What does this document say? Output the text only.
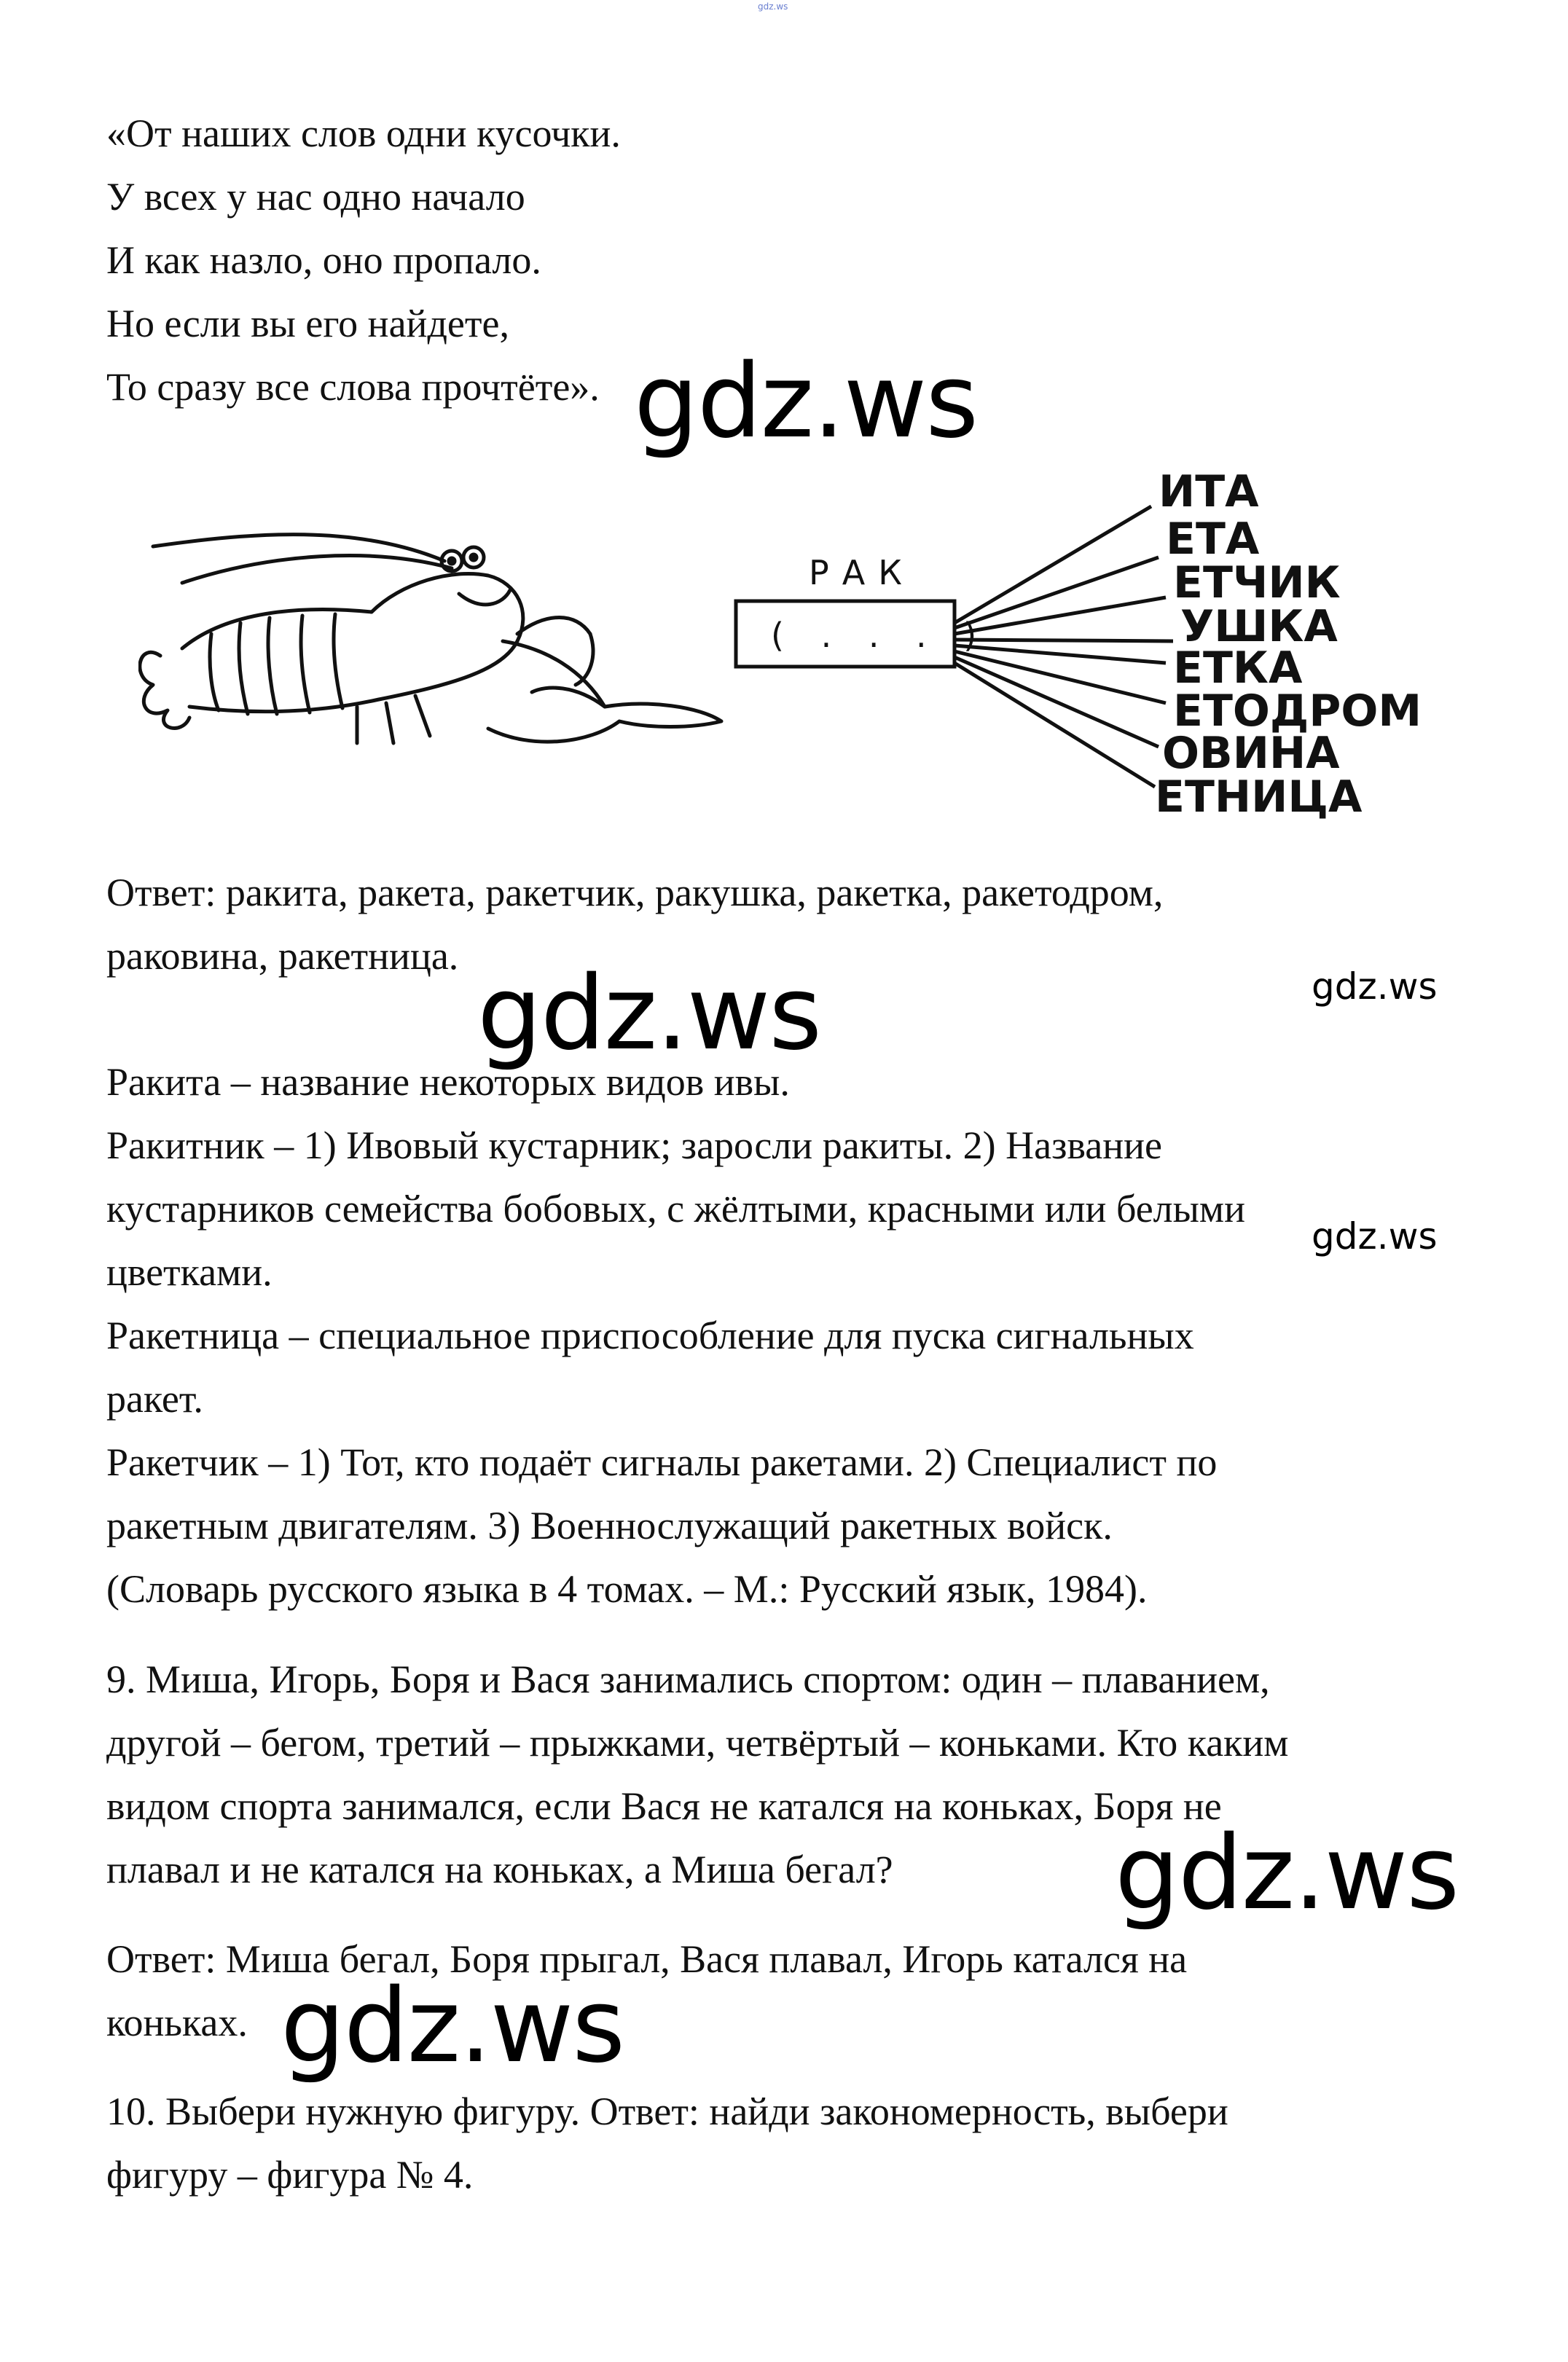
gdz.ws
«От наших слов одни кусочки.
У всех у нас одно начало
И как назло, оно пропало.
Но если вы его найдете,
То сразу все слова прочтёте».
РАК
( . . . )
ИТА
ЕТА
ЕТЧИК
УШКА
ЕТКА
ЕТОДРОМ
ОВИНА
ЕТНИЦА
Ответ: ракита, ракета, ракетчик, ракушка, ракетка, ракетодром,
раковина, ракетница.
Ракита – название некоторых видов ивы.
Ракитник – 1) Ивовый кустарник; заросли ракиты. 2) Название
кустарников семейства бобовых, с жёлтыми, красными или белыми
цветками.
Ракетница – специальное приспособление для пуска сигнальных
ракет.
Ракетчик – 1) Тот, кто подаёт сигналы ракетами. 2) Специалист по
ракетным двигателям. 3) Военнослужащий ракетных войск.
(Словарь русского языка в 4 томах. – М.: Русский язык, 1984).
9. Миша, Игорь, Боря и Вася занимались спортом: один – плаванием,
другой – бегом, третий – прыжками, четвёртый – коньками. Кто каким
видом спорта занимался, если Вася не катался на коньках, Боря не
плавал и не катался на коньках, а Миша бегал?
Ответ: Миша бегал, Боря прыгал, Вася плавал, Игорь катался на
коньках.
10. Выбери нужную фигуру. Ответ: найди закономерность, выбери
фигуру – фигура № 4.
gdz.ws
gdz.ws	gdz.ws
gdz.ws
gdz.ws
gdz.ws
